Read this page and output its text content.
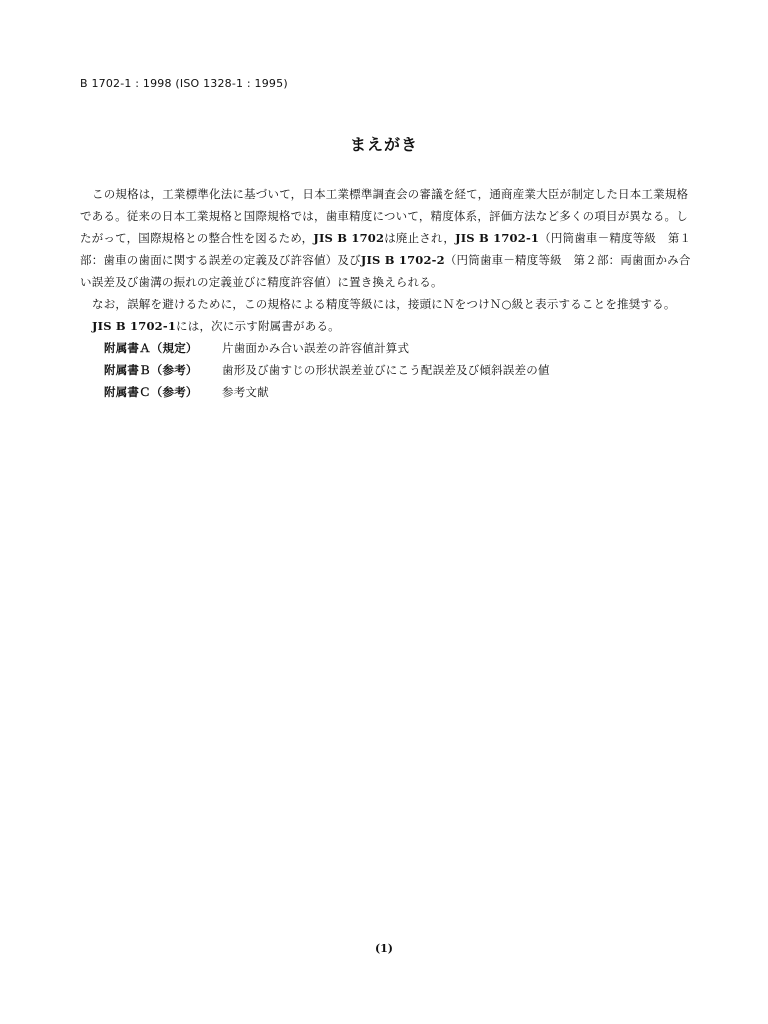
B 1702-1 : 1998 (ISO 1328-1 : 1995)
まえがき

この規格は，工業標準化法に基づいて，日本工業標準調査会の審議を経て，通商産業大臣が制定した日本工業規格である。従来の日本工業規格と国際規格では，歯車精度について，精度体系，評価方法など多くの項目が異なる。したがって，国際規格との整合性を図るため，JIS B 1702は廃止され，JIS B 1702-1（円筒歯車－精度等級　第１部：歯車の歯面に関する誤差の定義及び許容値）及びJIS B 1702-2（円筒歯車－精度等級　第２部：両歯面かみ合い誤差及び歯溝の振れの定義並びに精度許容値）に置き換えられる。

なお，誤解を避けるために，この規格による精度等級には，接頭にＮをつけＮ○級と表示することを推奨する。

JIS B 1702-1には，次に示す附属書がある。

附属書Ａ（規定）	片歯面かみ合い誤差の許容値計算式
附属書Ｂ（参考）	歯形及び歯すじの形状誤差並びにこう配誤差及び傾斜誤差の値
附属書Ｃ（参考）	参考文献
(1)
